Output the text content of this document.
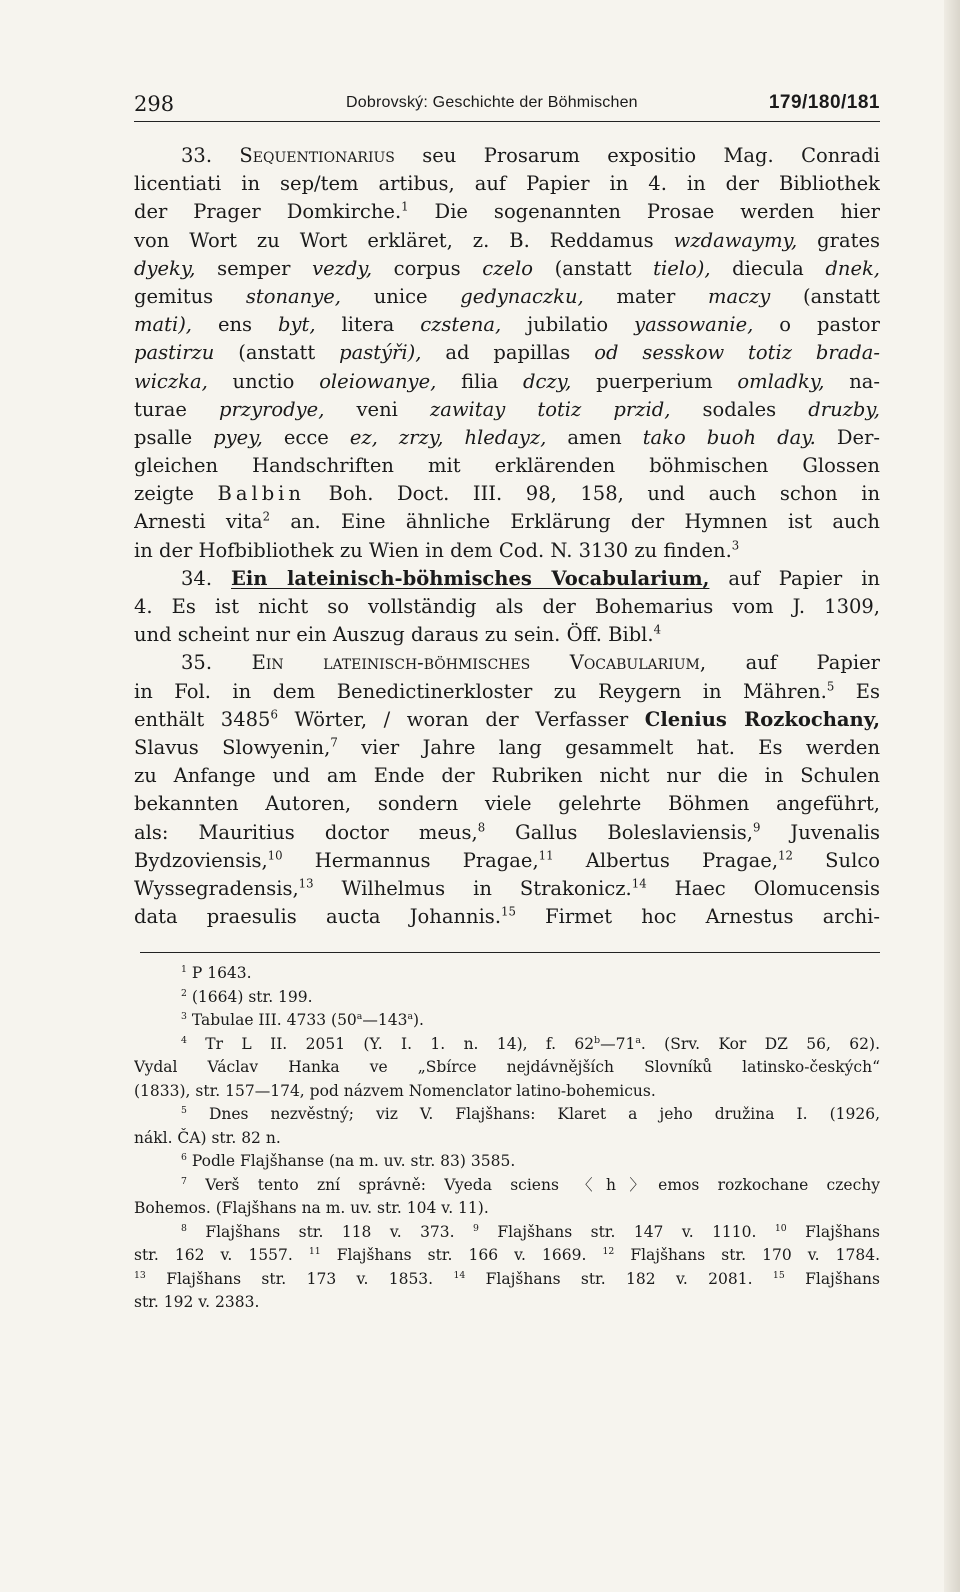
298	Dobrovský: Geschichte der Böhmischen	179/180/181
33. Sequentionarius seu Prosarum expositio Mag. Conradi
licentiati in sep/tem artibus, auf Papier in 4. in der Bibliothek
der Prager Domkirche.$^1$ Die sogenannten Prosae werden hier
von Wort zu Wort erkläret, z. B. Reddamus wzdawaymy, grates
dyeky, semper vezdy, corpus czelo (anstatt tielo), diecula dnek,
gemitus stonanye, unice gedynaczku, mater maczy (anstatt
mati), ens byt, litera czstena, jubilatio yassowanie, o pastor
pastirzu (anstatt pastýři), ad papillas od sesskow totiz brada-
wiczka, unctio oleiowanye, filia dczy, puerperium omladky, na-
turae przyrodye, veni zawitay totiz przid, sodales druzby,
psalle pyey, ecce ez, zrzy, hledayz, amen tako buoh day. Der-
gleichen Handschriften mit erklärenden böhmischen Glossen
zeigte Balbin Boh. Doct. III. 98, 158, und auch schon in
Arnesti vita$^2$ an. Eine ähnliche Erklärung der Hymnen ist auch
in der Hofbibliothek zu Wien in dem Cod. N. 3130 zu finden.$^3$
34. Ein lateinisch-böhmisches Vocabularium, auf Papier in
4. Es ist nicht so vollständig als der Bohemarius vom J. 1309,
und scheint nur ein Auszug daraus zu sein. Öff. Bibl.$^4$
35. Ein lateinisch-böhmisches Vocabularium, auf Papier
in Fol. in dem Benedictinerkloster zu Reygern in Mähren.$^5$ Es
enthält 3485$^6$ Wörter, / woran der Verfasser Clenius Rozkochany,
Slavus Slowyenin,$^7$ vier Jahre lang gesammelt hat. Es werden
zu Anfange und am Ende der Rubriken nicht nur die in Schulen
bekannten Autoren, sondern viele gelehrte Böhmen angeführt,
als: Mauritius doctor meus,$^8$ Gallus Boleslaviensis,$^9$ Juvenalis
Bydzoviensis,$^{10}$ Hermannus Pragae,$^{11}$ Albertus Pragae,$^{12}$ Sulco
Wyssegradensis,$^{13}$ Wilhelmus in Strakonicz.$^{14}$ Haec Olomucensis
data praesulis aucta Johannis.$^{15}$ Firmet hoc Arnestus archi-
$^1$ P 1643.
$^2$ (1664) str. 199.
$^3$ Tabulae III. 4733 (50$^a$—143$^a$).
$^4$ Tr L II. 2051 (Y. I. 1. n. 14), f. 62$^b$—71$^a$. (Srv. Kor DZ 56, 62).
Vydal Václav Hanka ve „Sbírce nejdávnějších Slovníků latinsko-českých“
(1833), str. 157—174, pod názvem Nomenclator latino-bohemicus.
$^5$ Dnes nezvěstný; viz V. Flajšhans: Klaret a jeho družina I. (1926,
nákl. ČA) str. 82 n.
$^6$ Podle Flajšhanse (na m. uv. str. 83) 3585.
$^7$ Verš tento zní správně: Vyeda sciens 〈h〉emos rozkochane czechy
Bohemos. (Flajšhans na m. uv. str. 104 v. 11).
$^8$ Flajšhans str. 118 v. 373. $^9$ Flajšhans str. 147 v. 1110. $^{10}$ Flajšhans
str. 162 v. 1557. $^{11}$ Flajšhans str. 166 v. 1669. $^{12}$ Flajšhans str. 170 v. 1784.
$^{13}$ Flajšhans str. 173 v. 1853. $^{14}$ Flajšhans str. 182 v. 2081. $^{15}$ Flajšhans
str. 192 v. 2383.
